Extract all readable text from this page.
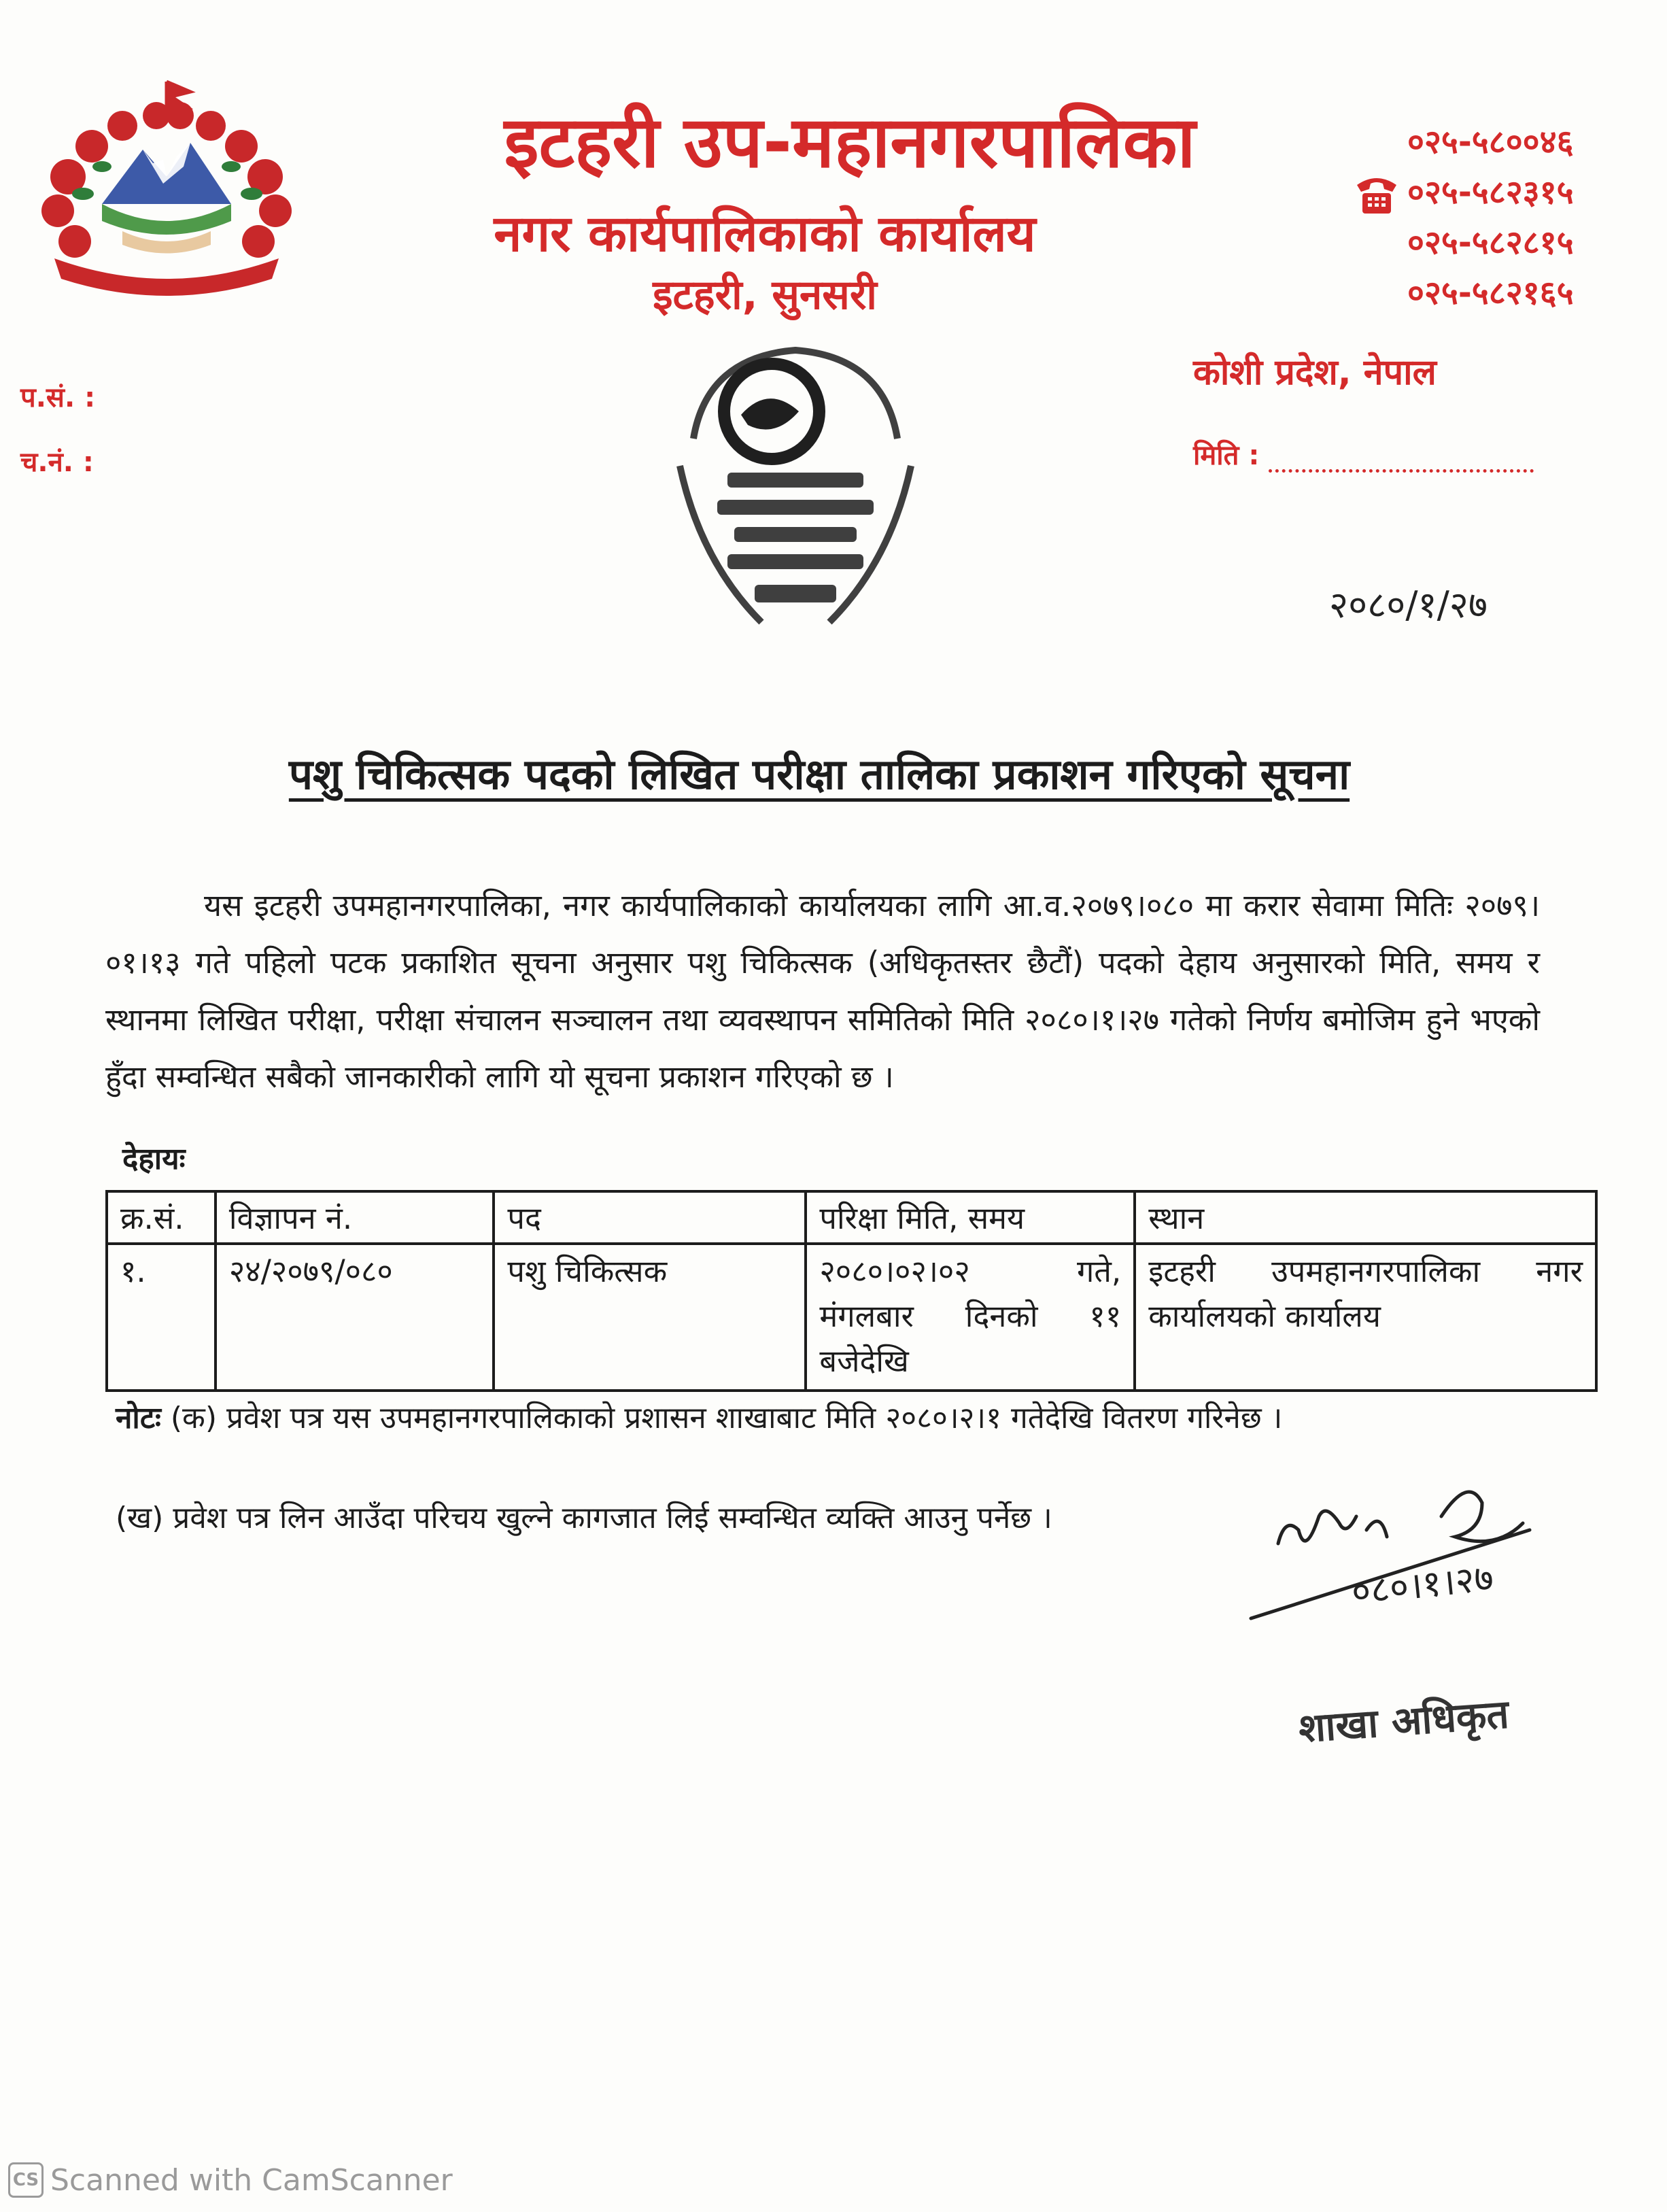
इटहरी उप-महानगरपालिका
नगर कार्यपालिकाको कार्यालय
इटहरी, सुनसरी
०२५-५८००४६
०२५-५८२३१५
०२५-५८२८१५
०२५-५८२१६५
कोशी प्रदेश, नेपाल
प.सं. :
च.नं. :	मिति :
२०८०/१/२७
पशु चिकित्सक पदको लिखित परीक्षा तालिका प्रकाशन गरिएको सूचना
यस इटहरी उपमहानगरपालिका, नगर कार्यपालिकाको कार्यालयका लागि आ.व.२०७९।०८० मा करार सेवामा मितिः २०७९।०१।१३ गते पहिलो पटक प्रकाशित सूचना अनुसार पशु चिकित्सक (अधिकृतस्तर छैटौं) पदको देहाय अनुसारको मिति, समय र स्थानमा लिखित परीक्षा, परीक्षा संचालन सञ्चालन तथा व्यवस्थापन समितिको मिति २०८०।१।२७ गतेको निर्णय बमोजिम हुने भएको हुँदा सम्वन्धित सबैको जानकारीको लागि यो सूचना प्रकाशन गरिएको छ ।
देहायः
क्र.सं.	विज्ञापन नं.	पद	परिक्षा मिति, समय	स्थान
१.	२४/२०७९/०८०	पशु चिकित्सक	२०८०।०२।०२ गते, मंगलबार दिनको ११ बजेदेखि	इटहरी उपमहानगरपालिका नगर कार्यालयको कार्यालय
नोटः (क) प्रवेश पत्र यस उपमहानगरपालिकाको प्रशासन शाखाबाट मिति २०८०।२।१ गतेदेखि वितरण गरिनेछ ।
(ख) प्रवेश पत्र लिन आउँदा परिचय खुल्ने कागजात लिई सम्वन्धित व्यक्ति आउनु पर्नेछ ।
०८०।१।२७
शाखा अधिकृत
CS Scanned with CamScanner
